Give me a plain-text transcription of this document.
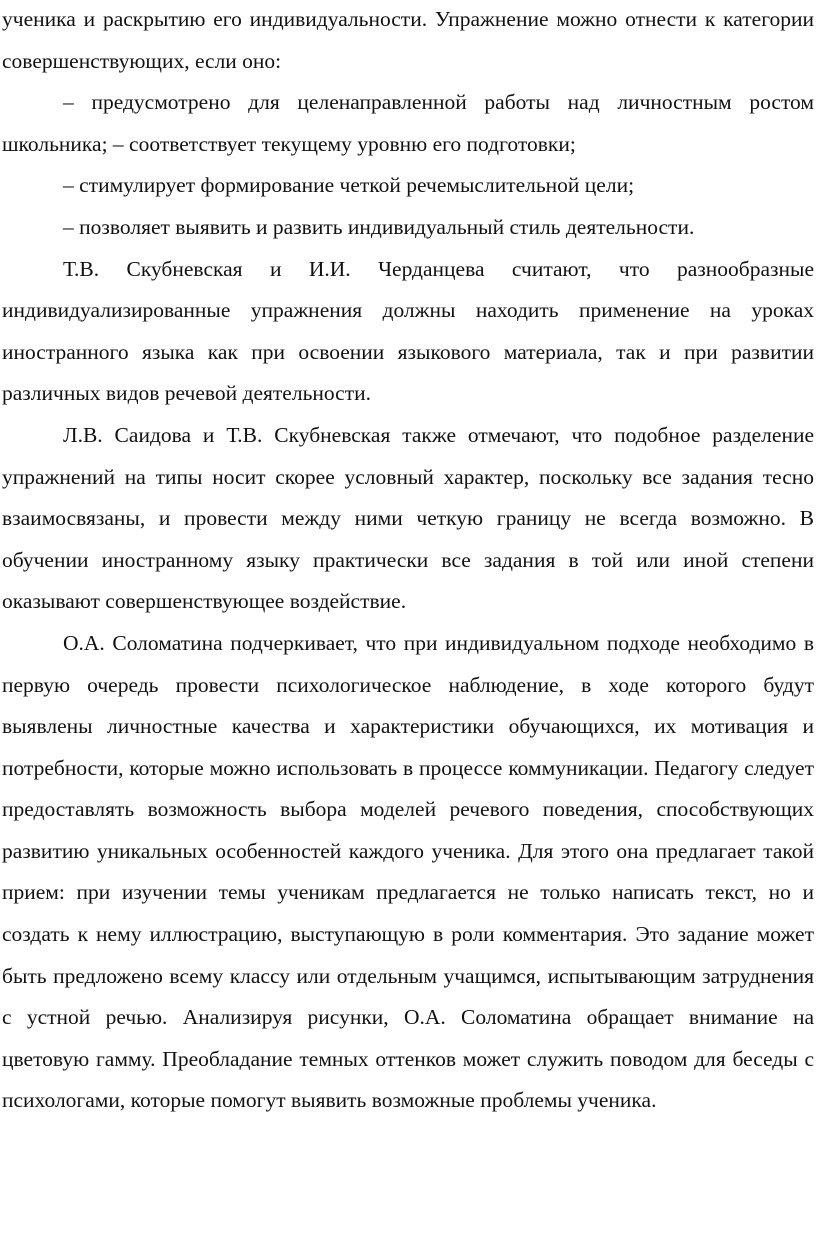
ученика и раскрытию его индивидуальности. Упражнение можно отнести к категории совершенствующих, если оно:

– предусмотрено для целенаправленной работы над личностным ростом школьника; – соответствует текущему уровню его подготовки;

– стимулирует формирование четкой речемыслительной цели;

– позволяет выявить и развить индивидуальный стиль деятельности.

Т.В. Скубневская и И.И. Черданцева считают, что разнообразные индивидуализированные упражнения должны находить применение на уроках иностранного языка как при освоении языкового материала, так и при развитии различных видов речевой деятельности.

Л.В. Саидова и Т.В. Скубневская также отмечают, что подобное разделение упражнений на типы носит скорее условный характер, поскольку все задания тесно взаимосвязаны, и провести между ними четкую границу не всегда возможно. В обучении иностранному языку практически все задания в той или иной степени оказывают совершенствующее воздействие.

О.А. Соломатина подчеркивает, что при индивидуальном подходе необходимо в первую очередь провести психологическое наблюдение, в ходе которого будут выявлены личностные качества и характеристики обучающихся, их мотивация и потребности, которые можно использовать в процессе коммуникации. Педагогу следует предоставлять возможность выбора моделей речевого поведения, способствующих развитию уникальных особенностей каждого ученика. Для этого она предлагает такой прием: при изучении темы ученикам предлагается не только написать текст, но и создать к нему иллюстрацию, выступающую в роли комментария. Это задание может быть предложено всему классу или отдельным учащимся, испытывающим затруднения с устной речью. Анализируя рисунки, О.А. Соломатина обращает внимание на цветовую гамму. Преобладание темных оттенков может служить поводом для беседы с психологами, которые помогут выявить возможные проблемы ученика.
